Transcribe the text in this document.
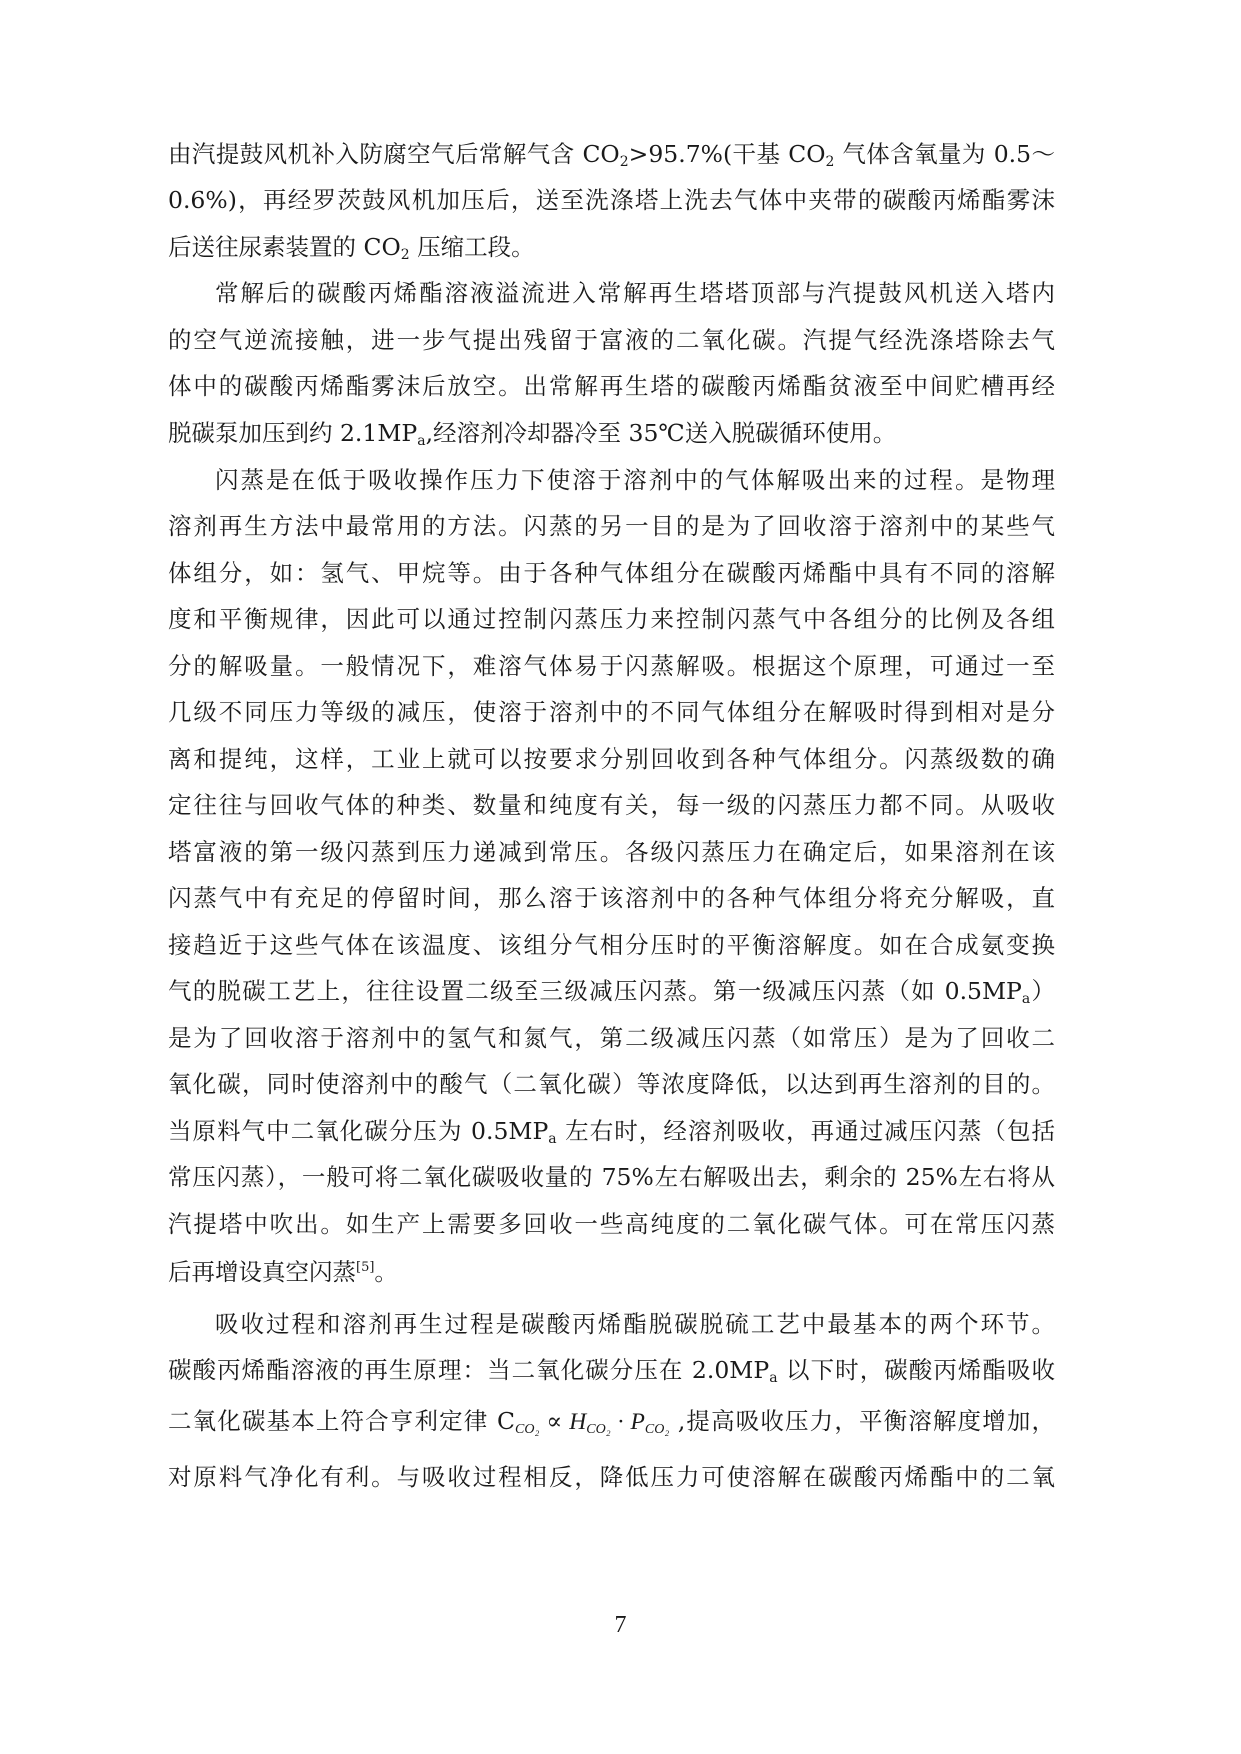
由汽提鼓风机补入防腐空气后常解气含 $CO_2>95.7\%$(干基 $CO_2$ 气体含氧量为 0.5～
0.6%)，再经罗茨鼓风机加压后，送至洗涤塔上洗去气体中夹带的碳酸丙烯酯雾沫
后送往尿素装置的 $CO_2$ 压缩工段。
常解后的碳酸丙烯酯溶液溢流进入常解再生塔塔顶部与汽提鼓风机送入塔内
的空气逆流接触，进一步气提出残留于富液的二氧化碳。汽提气经洗涤塔除去气
体中的碳酸丙烯酯雾沫后放空。出常解再生塔的碳酸丙烯酯贫液至中间贮槽再经
脱碳泵加压到约 $2.1MP_a$,经溶剂冷却器冷至 35℃送入脱碳循环使用。
闪蒸是在低于吸收操作压力下使溶于溶剂中的气体解吸出来的过程。是物理
溶剂再生方法中最常用的方法。闪蒸的另一目的是为了回收溶于溶剂中的某些气
体组分，如：氢气、甲烷等。由于各种气体组分在碳酸丙烯酯中具有不同的溶解
度和平衡规律，因此可以通过控制闪蒸压力来控制闪蒸气中各组分的比例及各组
分的解吸量。一般情况下，难溶气体易于闪蒸解吸。根据这个原理，可通过一至
几级不同压力等级的减压，使溶于溶剂中的不同气体组分在解吸时得到相对是分
离和提纯，这样，工业上就可以按要求分别回收到各种气体组分。闪蒸级数的确
定往往与回收气体的种类、数量和纯度有关，每一级的闪蒸压力都不同。从吸收
塔富液的第一级闪蒸到压力递减到常压。各级闪蒸压力在确定后，如果溶剂在该
闪蒸气中有充足的停留时间，那么溶于该溶剂中的各种气体组分将充分解吸，直
接趋近于这些气体在该温度、该组分气相分压时的平衡溶解度。如在合成氨变换
气的脱碳工艺上，往往设置二级至三级减压闪蒸。第一级减压闪蒸（如 $0.5MP_a$）
是为了回收溶于溶剂中的氢气和氮气，第二级减压闪蒸（如常压）是为了回收二
氧化碳，同时使溶剂中的酸气（二氧化碳）等浓度降低，以达到再生溶剂的目的。
当原料气中二氧化碳分压为 $0.5MP_a$ 左右时，经溶剂吸收，再通过减压闪蒸（包括
常压闪蒸），一般可将二氧化碳吸收量的 75%左右解吸出去，剩余的 25%左右将从
汽提塔中吹出。如生产上需要多回收一些高纯度的二氧化碳气体。可在常压闪蒸
后再增设真空闪蒸[5]。
吸收过程和溶剂再生过程是碳酸丙烯酯脱碳脱硫工艺中最基本的两个环节。
碳酸丙烯酯溶液的再生原理：当二氧化碳分压在 $2.0MP_a$ 以下时，碳酸丙烯酯吸收
二氧化碳基本上符合亨利定律 $C_{CO_2} \propto H_{CO_2} \cdot P_{CO_2}$ ,提高吸收压力，平衡溶解度增加，
对原料气净化有利。与吸收过程相反，降低压力可使溶解在碳酸丙烯酯中的二氧
7
